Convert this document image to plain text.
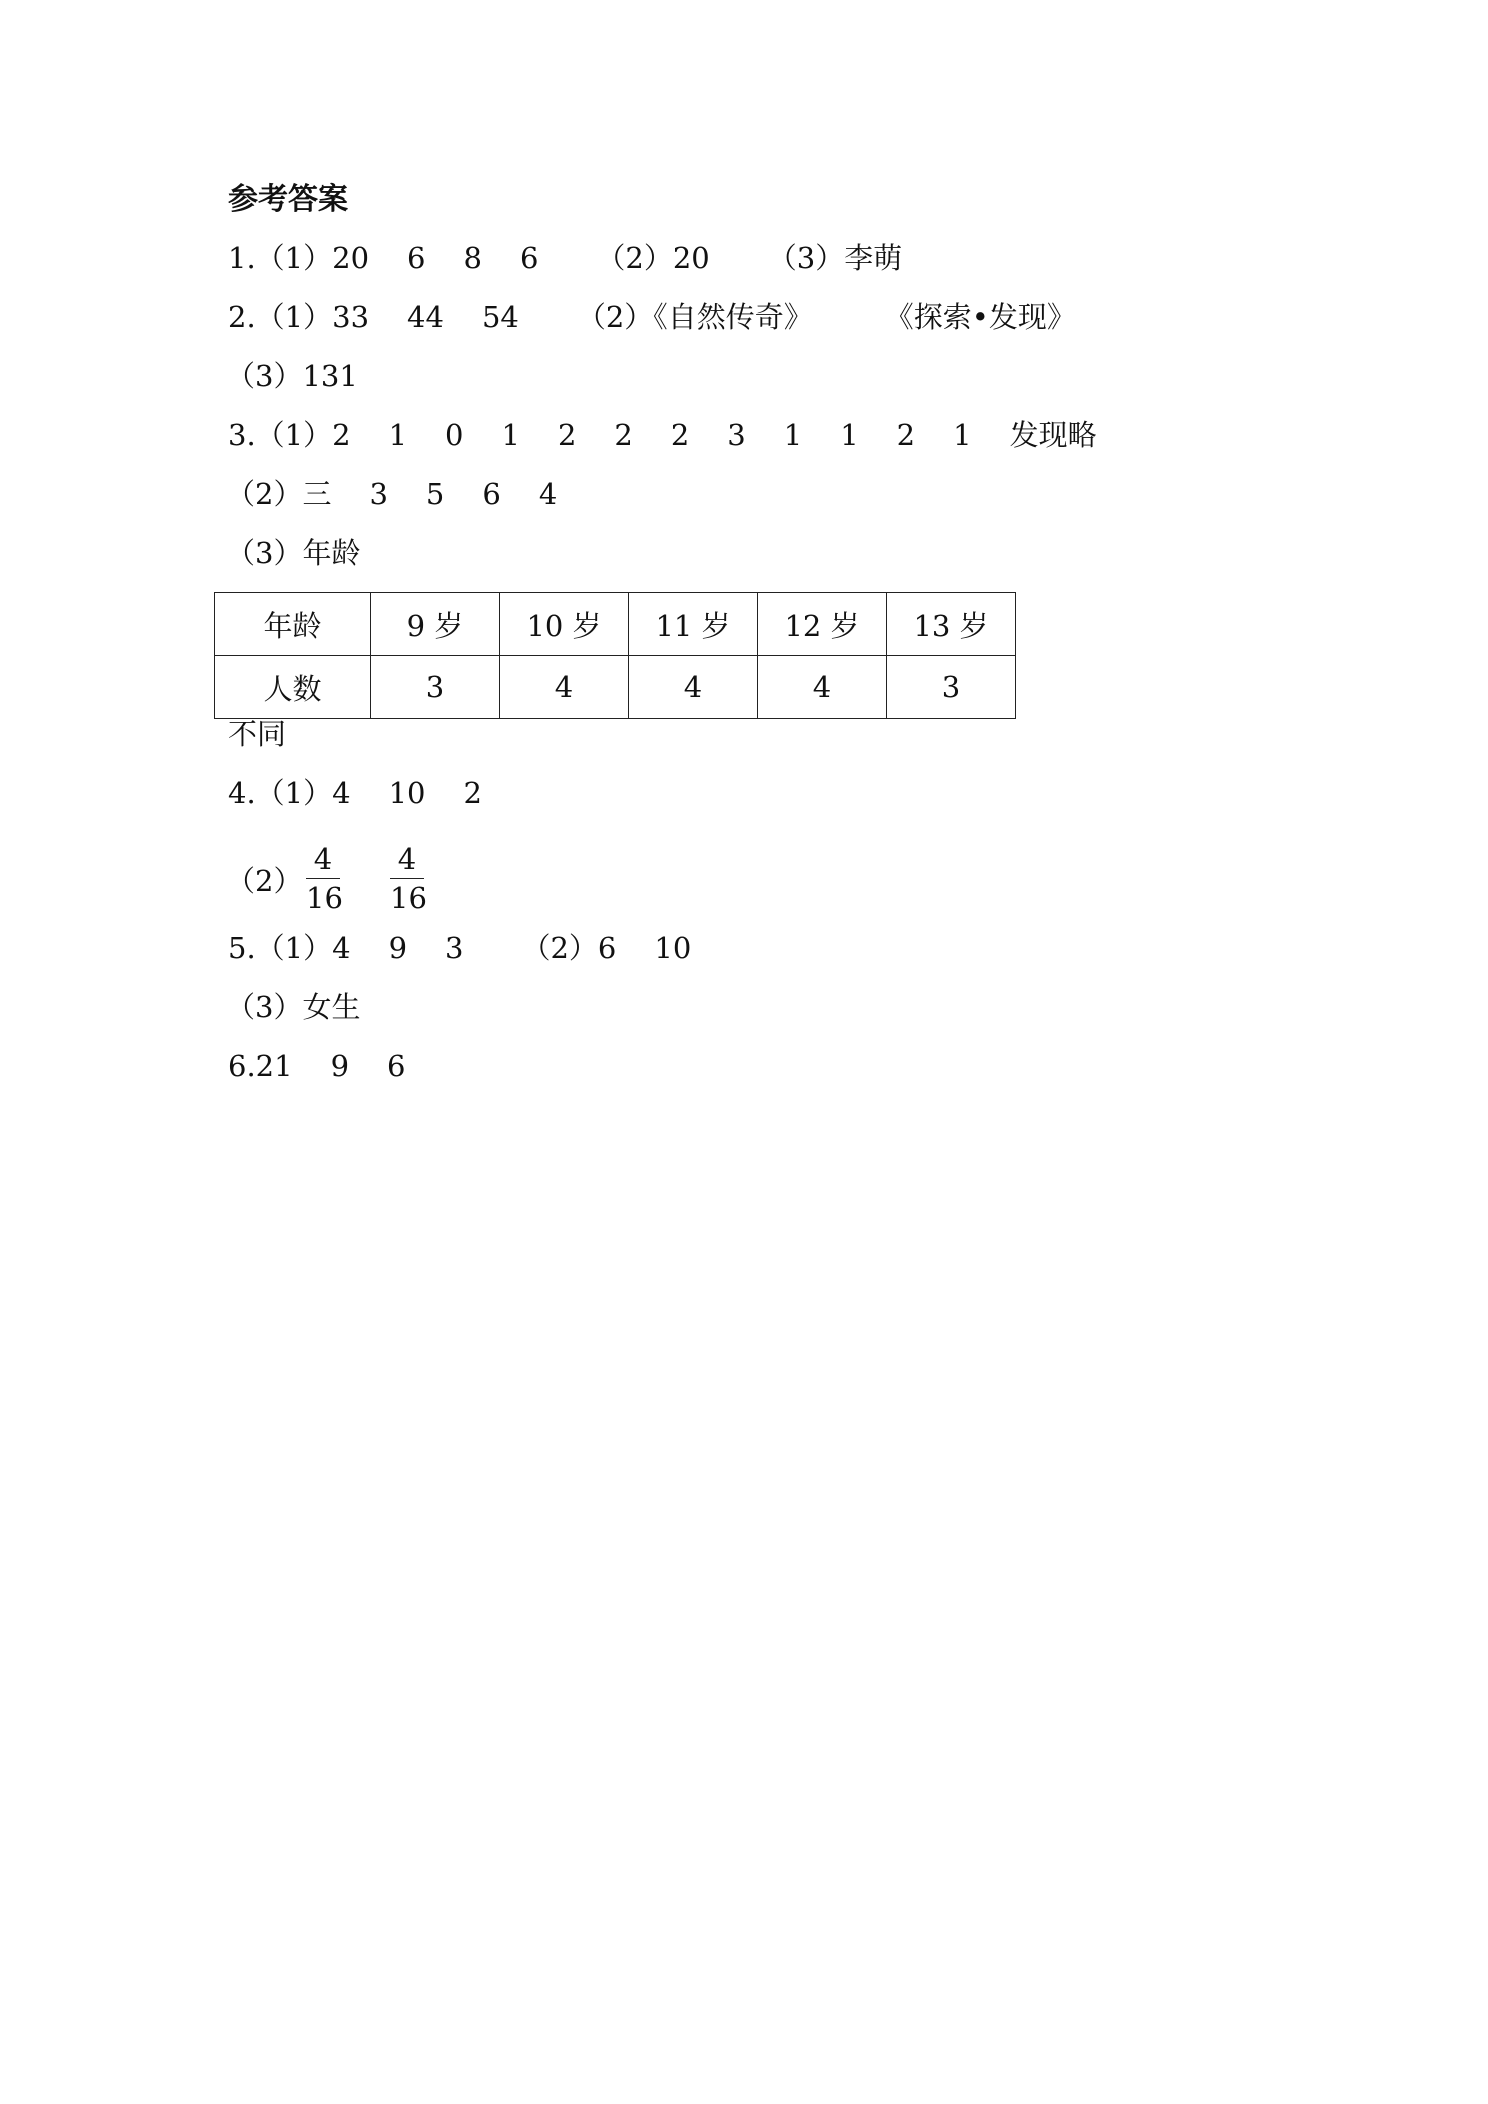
参考答案
1.（1）20 6 8 6 （2）20 （3）李萌
2.（1）33 44 54 （2）《自然传奇》 《探索•发现》
（3）131
3.（1）2 1 0 1 2 2 2 3 1 1 2 1 发现略
（2）三 3 5 6 4
（3）年龄
年龄	9 岁	10 岁	11 岁	12 岁	13 岁
人数	3	4	4	4	3
不同
4.（1）4 10 2
$(2) \frac{4}{16} \frac{4}{16}$
5.（1）4 9 3 （2）6 10
（3）女生
6.21 9 6
